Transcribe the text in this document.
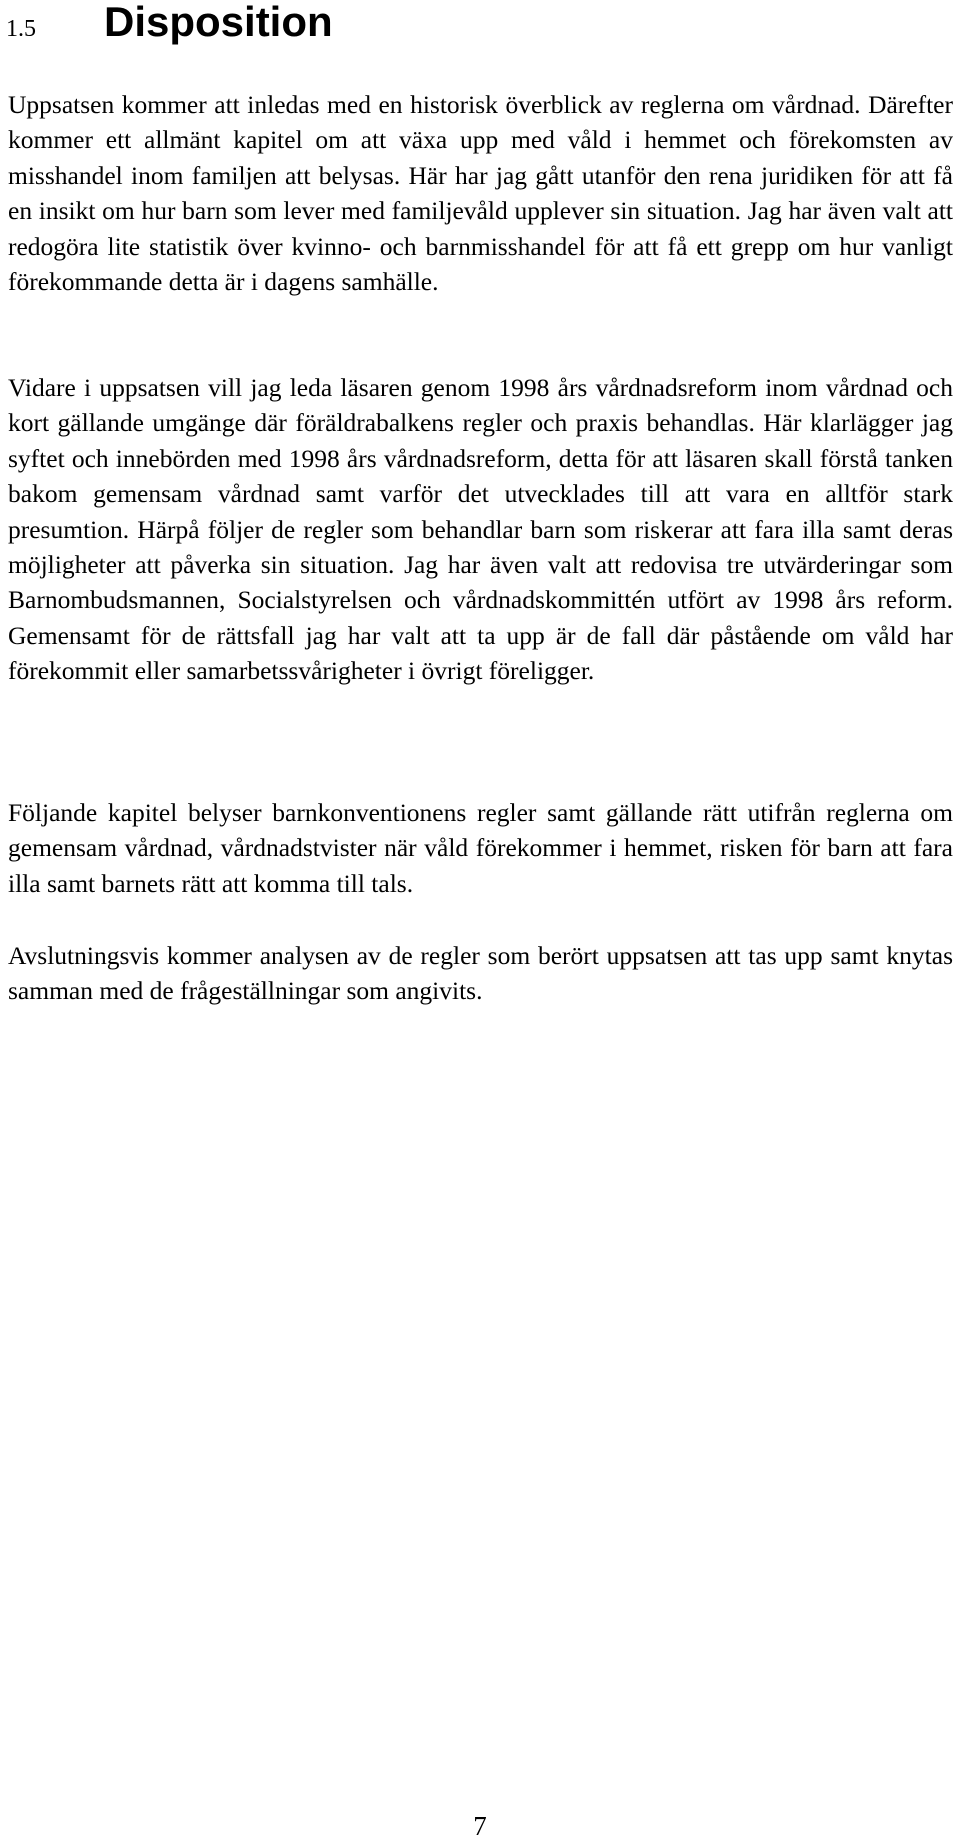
1.5	Disposition

Uppsatsen kommer att inledas med en historisk överblick av reglerna om vårdnad. Därefter kommer ett allmänt kapitel om att växa upp med våld i hemmet och förekomsten av misshandel inom familjen att belysas. Här har jag gått utanför den rena juridiken för att få en insikt om hur barn som lever med familjevåld upplever sin situation. Jag har även valt att redogöra lite statistik över kvinno- och barnmisshandel för att få ett grepp om hur vanligt förekommande detta är i dagens samhälle.

Vidare i uppsatsen vill jag leda läsaren genom 1998 års vårdnadsreform inom vårdnad och kort gällande umgänge där föräldrabalkens regler och praxis behandlas. Här klarlägger jag syftet och innebörden med 1998 års vårdnadsreform, detta för att läsaren skall förstå tanken bakom gemensam vårdnad samt varför det utvecklades till att vara en alltför stark presumtion. Härpå följer de regler som behandlar barn som riskerar att fara illa samt deras möjligheter att påverka sin situation. Jag har även valt att redovisa tre utvärderingar som Barnombudsmannen, Socialstyrelsen och vårdnadskommittén utfört av 1998 års reform. Gemensamt för de rättsfall jag har valt att ta upp är de fall där påstående om våld har förekommit eller samarbetssvårigheter i övrigt föreligger.

Följande kapitel belyser barnkonventionens regler samt gällande rätt utifrån reglerna om gemensam vårdnad, vårdnadstvister när våld förekommer i hemmet, risken för barn att fara illa samt barnets rätt att komma till tals.

Avslutningsvis kommer analysen av de regler som berört uppsatsen att tas upp samt knytas samman med de frågeställningar som angivits.

7
